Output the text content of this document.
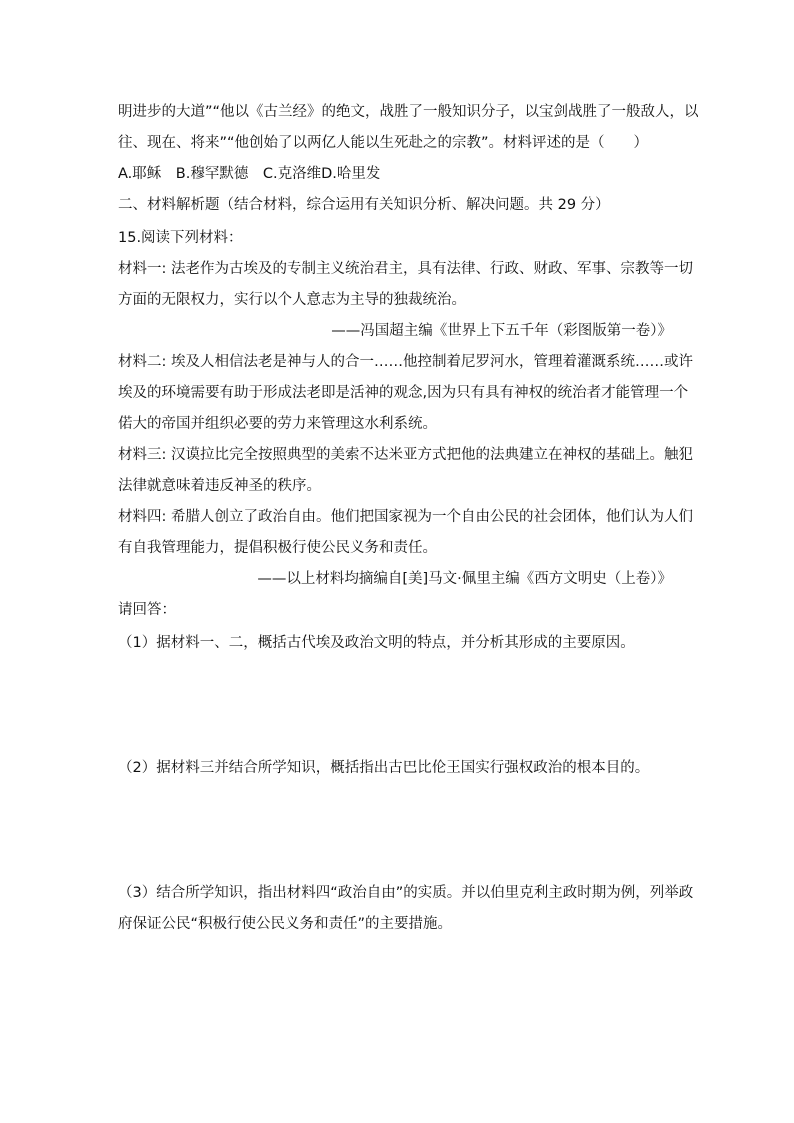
明进步的大道”“他以《古兰经》的绝文，战胜了一般知识分子，以宝剑战胜了一般敌人，以
往、现在、将来”“他创始了以两亿人能以生死赴之的宗教”。材料评述的是（　　）
A.耶稣　B.穆罕默德　C.克洛维D.哈里发
二、材料解析题（结合材料，综合运用有关知识分析、解决问题。共 29 分）
15.阅读下列材料：
材料一: 法老作为古埃及的专制主义统治君主，具有法律、行政、财政、军事、宗教等一切
方面的无限权力，实行以个人意志为主导的独裁统治。
——冯国超主编《世界上下五千年（彩图版第一卷）》
材料二: 埃及人相信法老是神与人的合一……他控制着尼罗河水，管理着灌溉系统……或许
埃及的环境需要有助于形成法老即是活神的观念,因为只有具有神权的统治者才能管理一个
偌大的帝国并组织必要的劳力来管理这水利系统。
材料三: 汉谟拉比完全按照典型的美索不达米亚方式把他的法典建立在神权的基础上。触犯
法律就意味着违反神圣的秩序。
材料四: 希腊人创立了政治自由。他们把国家视为一个自由公民的社会团体，他们认为人们
有自我管理能力，提倡积极行使公民义务和责任。
——以上材料均摘编自[美]马文·佩里主编《西方文明史（上卷）》
请回答：
（1）据材料一、二，概括古代埃及政治文明的特点，并分析其形成的主要原因。
（2）据材料三并结合所学知识，概括指出古巴比伦王国实行强权政治的根本目的。
（3）结合所学知识，指出材料四“政治自由”的实质。并以伯里克利主政时期为例，列举政
府保证公民“积极行使公民义务和责任”的主要措施。
